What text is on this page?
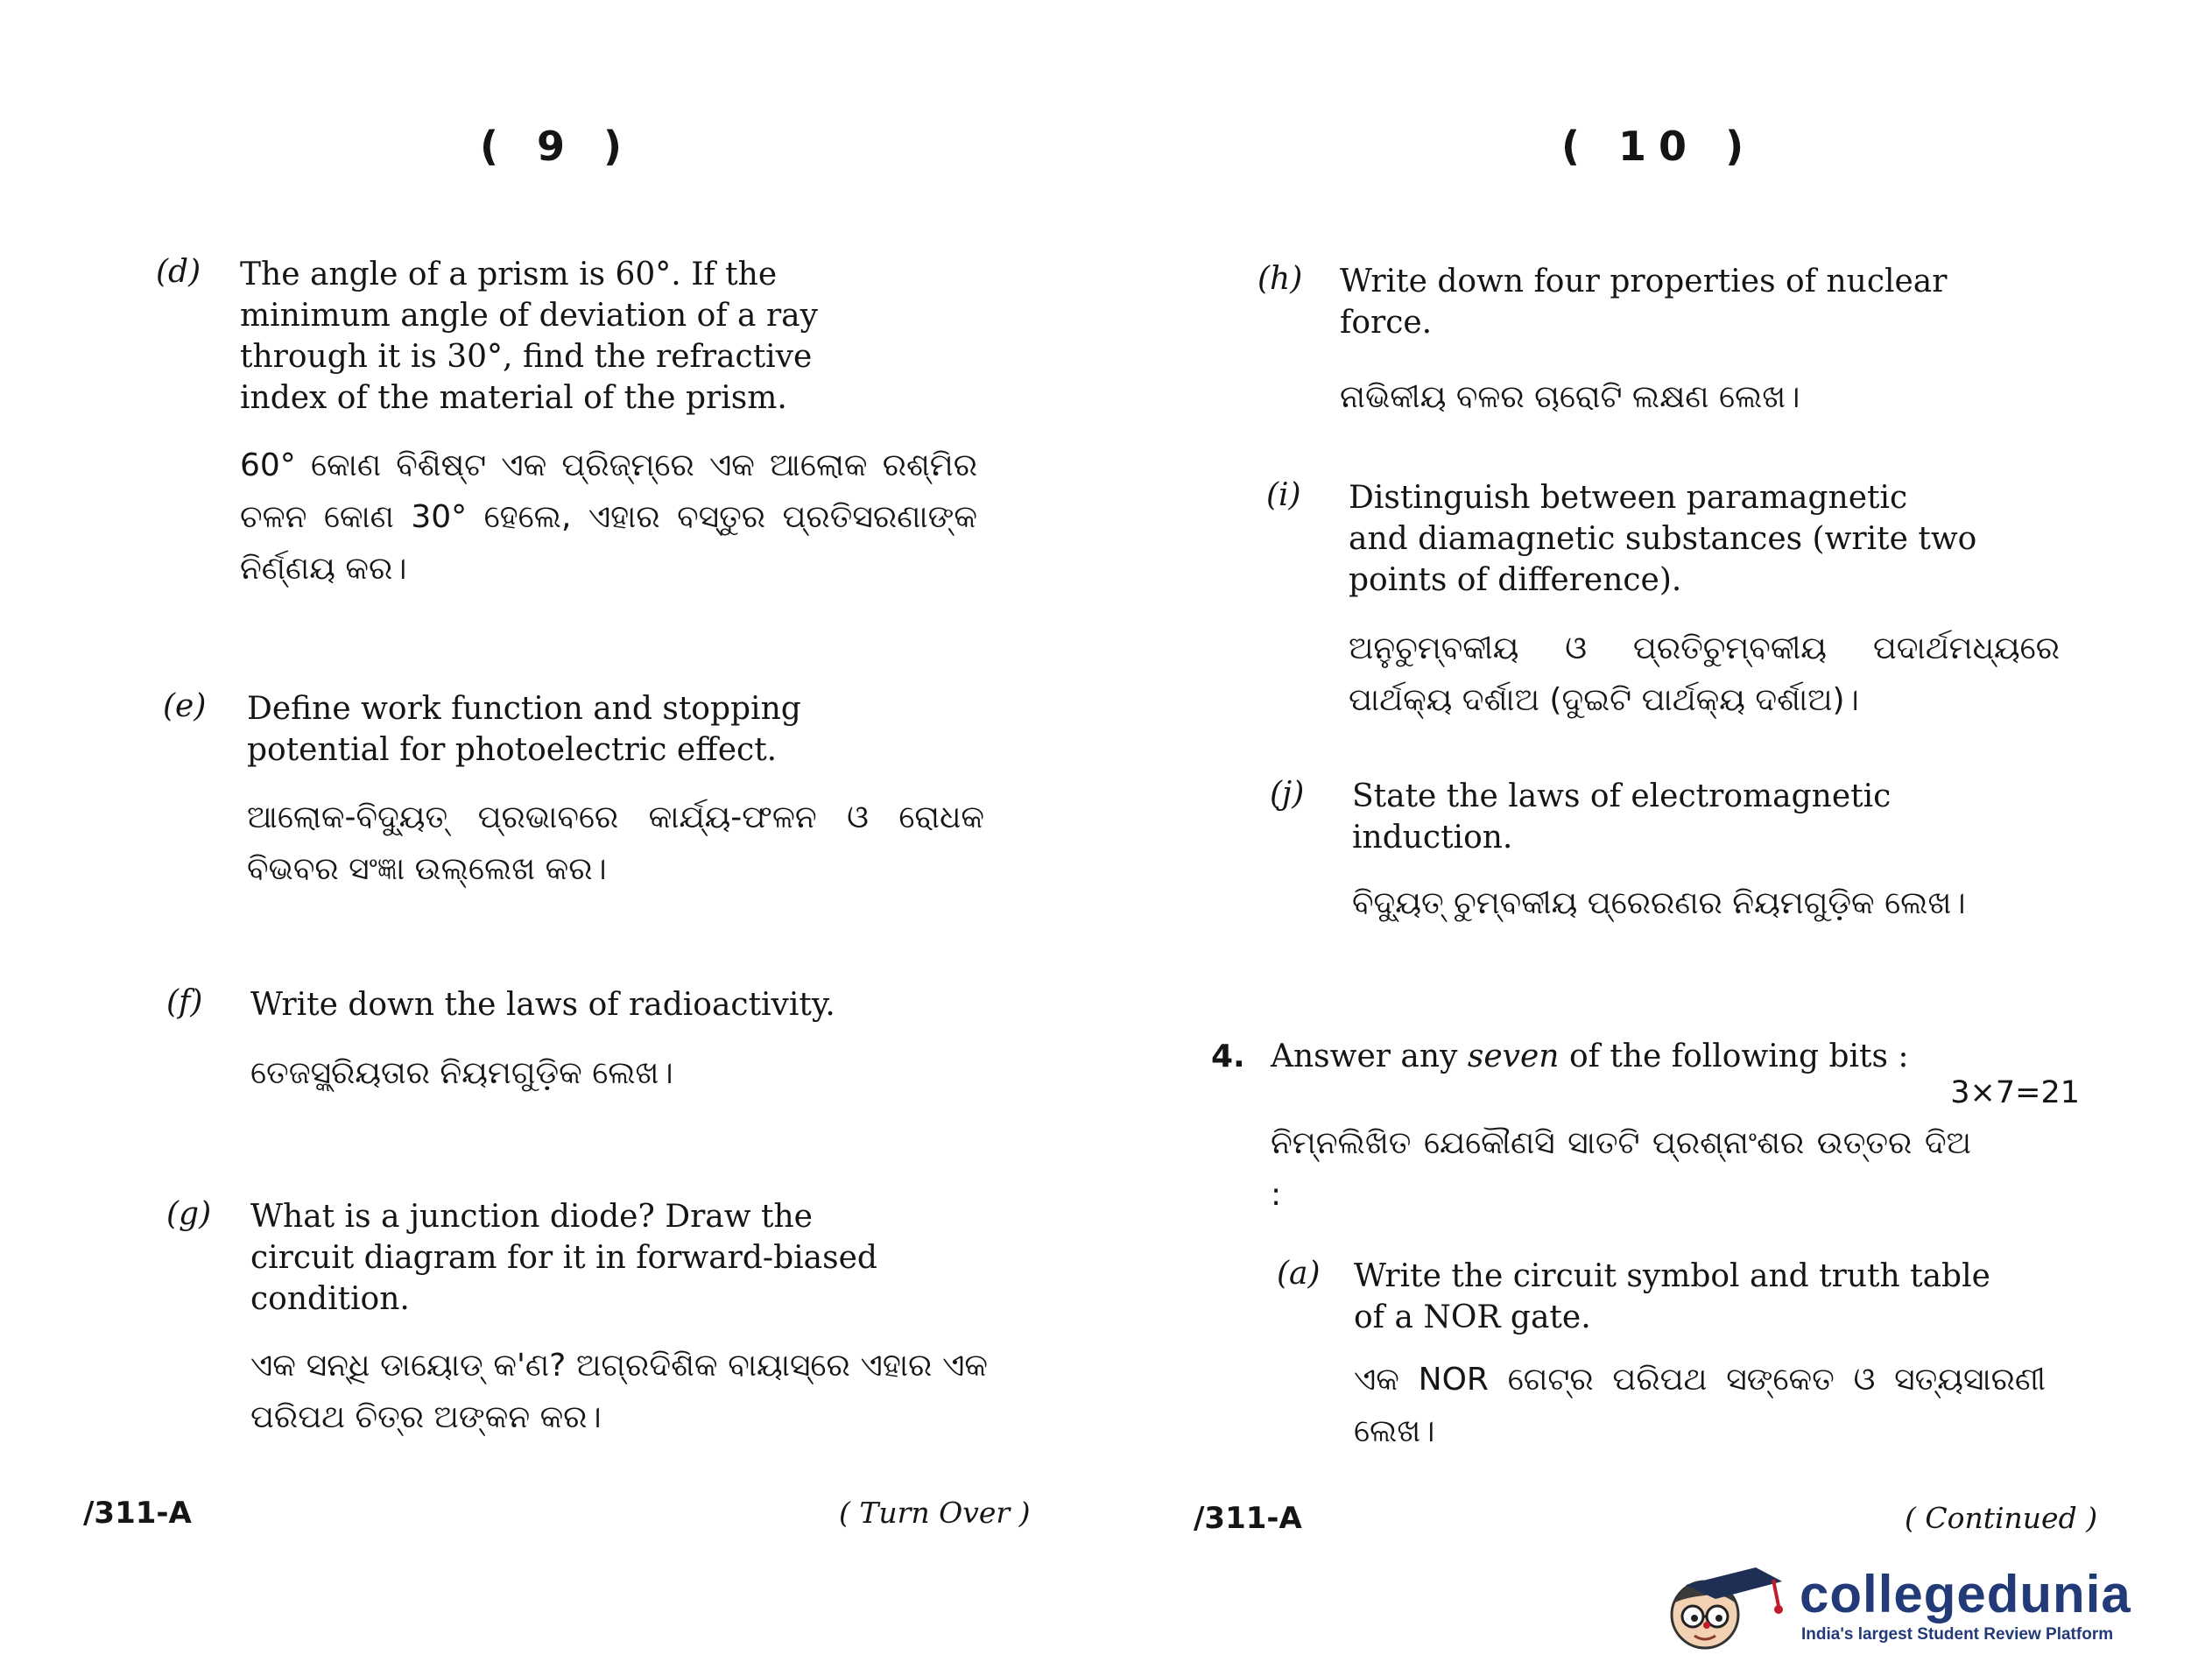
( 9 )
(d) The angle of a prism is 60°. If the
minimum angle of deviation of a ray
through it is 30°, find the refractive
index of the material of the prism.
60° କୋଣ ବିଶିଷ୍ଟ ଏକ ପ୍ରିଜ୍‌ମ୍‌ରେ ଏକ ଆଲୋକ ରଶ୍ମିର ଚଳନ କୋଣ 30° ହେଲେ, ଏହାର ବସ୍ତୁର ପ୍ରତିସରଣାଙ୍କ ନିର୍ଣ୍ଣୟ କର।
(e) Define work function and stopping
potential for photoelectric effect.
ଆଲୋକ-ବିଦ୍ୟୁତ୍ ପ୍ରଭାବରେ କାର୍ଯ୍ୟ-ଫଳନ ଓ ରୋଧକ ବିଭବର ସଂଜ୍ଞା ଉଲ୍ଲେଖ କର।
(f) Write down the laws of radioactivity.
ତେଜସ୍କ୍ରିୟତାର ନିୟମଗୁଡ଼ିକ ଲେଖ।
(g) What is a junction diode? Draw the
circuit diagram for it in forward-biased
condition.
ଏକ ସନ୍ଧି ଡାୟୋଡ୍ କ'ଣ? ଅଗ୍ରଦିଶିକ ବାୟାସ୍‌ରେ ଏହାର ଏକ ପରିପଥ ଚିତ୍ର ଅଙ୍କନ କର।
/311-A	( Turn Over )
( 10 )
(h) Write down four properties of nuclear
force.
ନାଭିକୀୟ ବଳର ଚାରୋଟି ଲକ୍ଷଣ ଲେଖ।
(i) Distinguish between paramagnetic
and diamagnetic substances (write two
points of difference).
ଅନୁଚୁମ୍ବକୀୟ ଓ ପ୍ରତିଚୁମ୍ବକୀୟ ପଦାର୍ଥମଧ୍ୟରେ ପାର୍ଥକ୍ୟ ଦର୍ଶାଅ (ଦୁଇଟି ପାର୍ଥକ୍ୟ ଦର୍ଶାଅ)।
(j) State the laws of electromagnetic
induction.
ବିଦ୍ୟୁତ୍ ଚୁମ୍ବକୀୟ ପ୍ରେରଣର ନିୟମଗୁଡ଼ିକ ଲେଖ।
4. Answer any seven of the following bits :
3×7=21
ନିମ୍ନଲିଖିତ ଯେକୌଣସି ସାତଟି ପ୍ରଶ୍ନାଂଶର ଉତ୍ତର ଦିଅ :
(a) Write the circuit symbol and truth table
of a NOR gate.
ଏକ NOR ଗେଟ୍‌ର ପରିପଥ ସଙ୍କେତ ଓ ସତ୍ୟସାରଣୀ ଲେଖ।
/311-A	( Continued )
collegedunia
India's largest Student Review Platform
